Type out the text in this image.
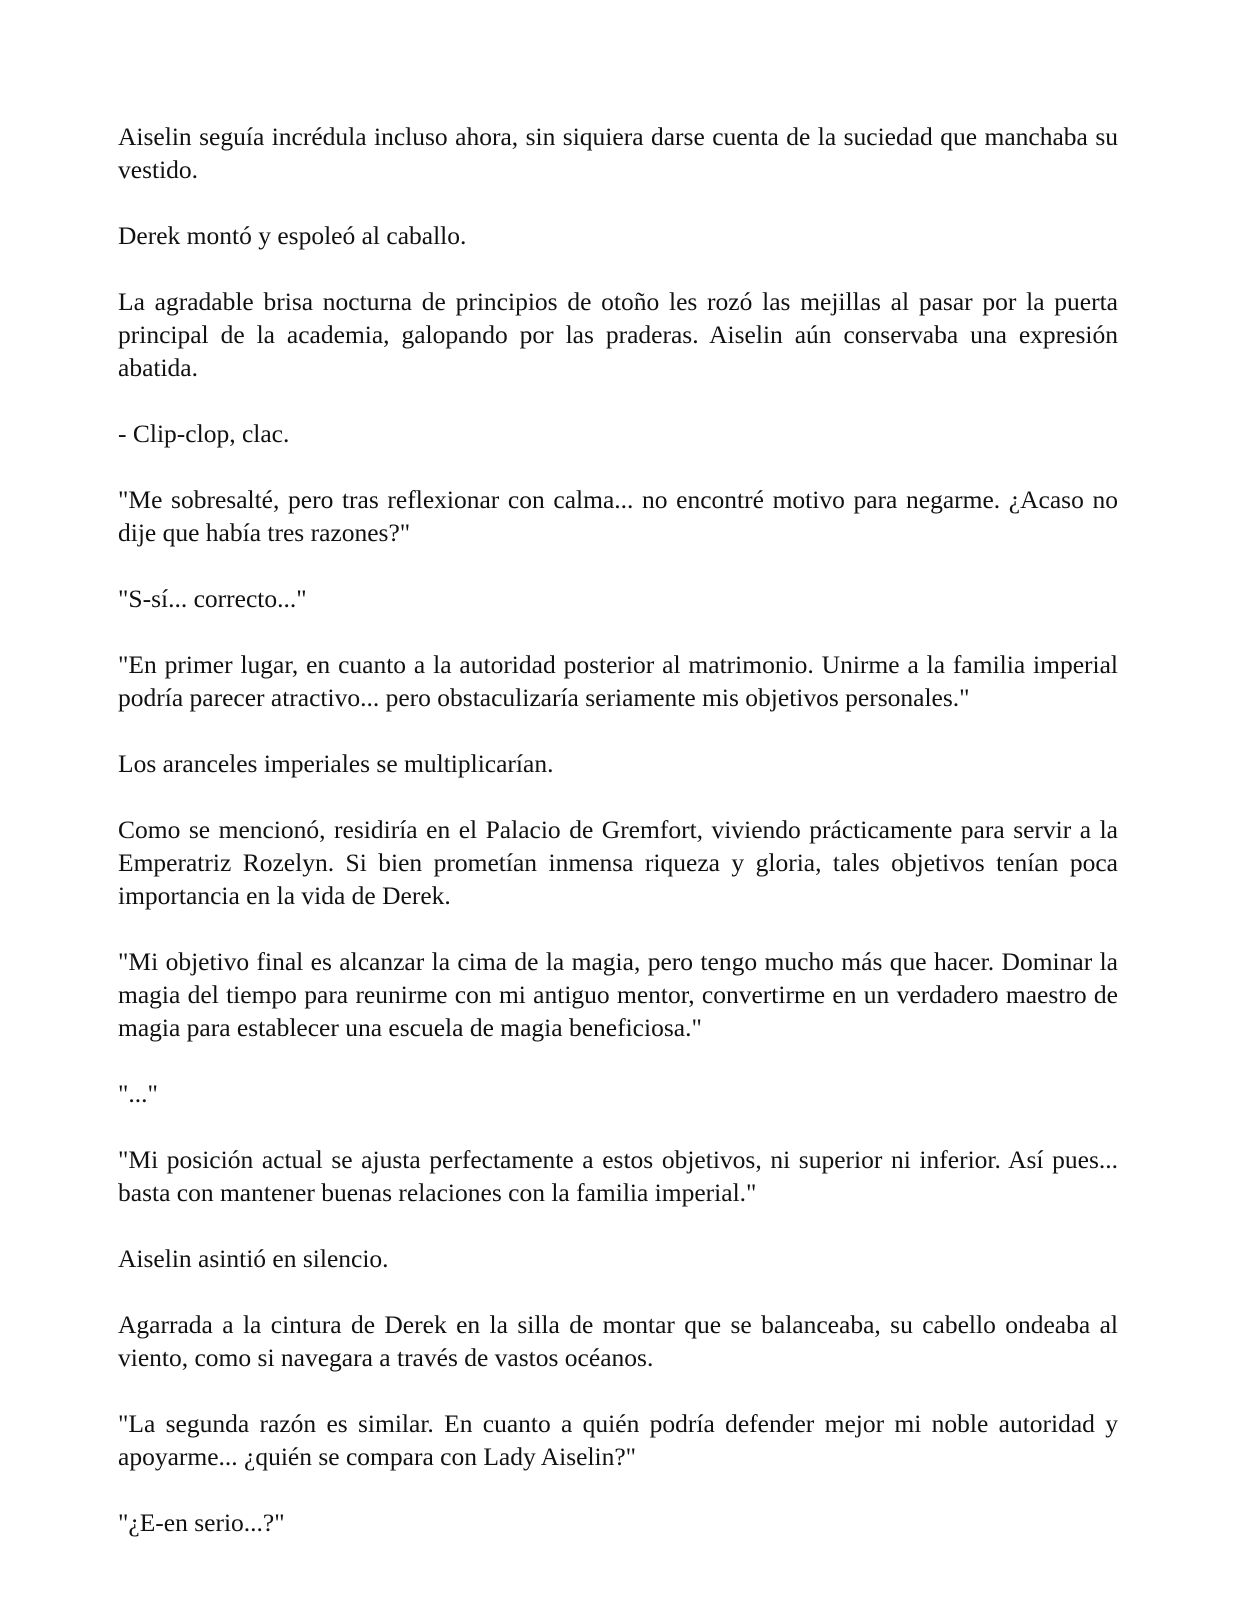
Aiselin seguía incrédula incluso ahora, sin siquiera darse cuenta de la suciedad que manchaba su vestido.

Derek montó y espoleó al caballo.

La agradable brisa nocturna de principios de otoño les rozó las mejillas al pasar por la puerta principal de la academia, galopando por las praderas. Aiselin aún conservaba una expresión abatida.

- Clip-clop, clac.

"Me sobresalté, pero tras reflexionar con calma... no encontré motivo para negarme. ¿Acaso no dije que había tres razones?"

"S-sí... correcto..."

"En primer lugar, en cuanto a la autoridad posterior al matrimonio. Unirme a la familia imperial podría parecer atractivo... pero obstaculizaría seriamente mis objetivos personales."

Los aranceles imperiales se multiplicarían.

Como se mencionó, residiría en el Palacio de Gremfort, viviendo prácticamente para servir a la Emperatriz Rozelyn. Si bien prometían inmensa riqueza y gloria, tales objetivos tenían poca importancia en la vida de Derek.

"Mi objetivo final es alcanzar la cima de la magia, pero tengo mucho más que hacer. Dominar la magia del tiempo para reunirme con mi antiguo mentor, convertirme en un verdadero maestro de magia para establecer una escuela de magia beneficiosa."

"..."

"Mi posición actual se ajusta perfectamente a estos objetivos, ni superior ni inferior. Así pues... basta con mantener buenas relaciones con la familia imperial."

Aiselin asintió en silencio.

Agarrada a la cintura de Derek en la silla de montar que se balanceaba, su cabello ondeaba al viento, como si navegara a través de vastos océanos.

"La segunda razón es similar. En cuanto a quién podría defender mejor mi noble autoridad y apoyarme... ¿quién se compara con Lady Aiselin?"

"¿E-en serio...?"
